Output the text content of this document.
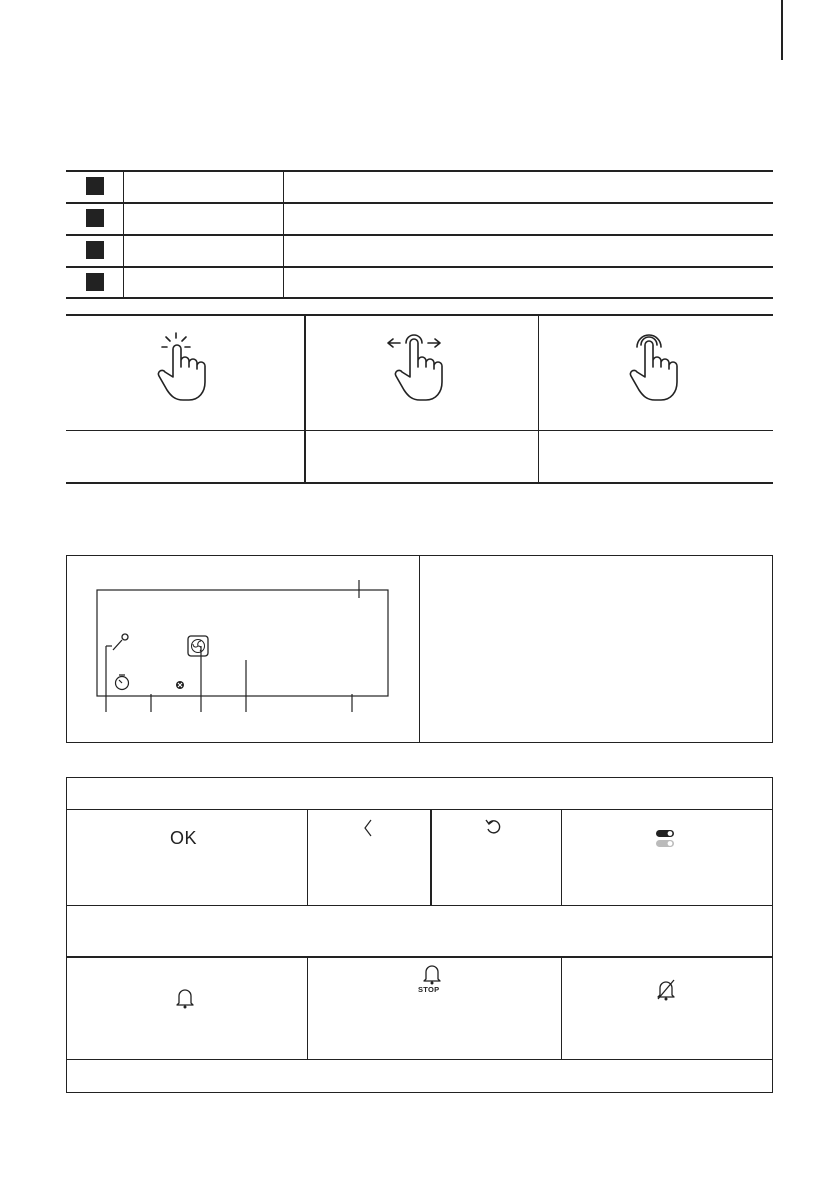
OK
STOP
